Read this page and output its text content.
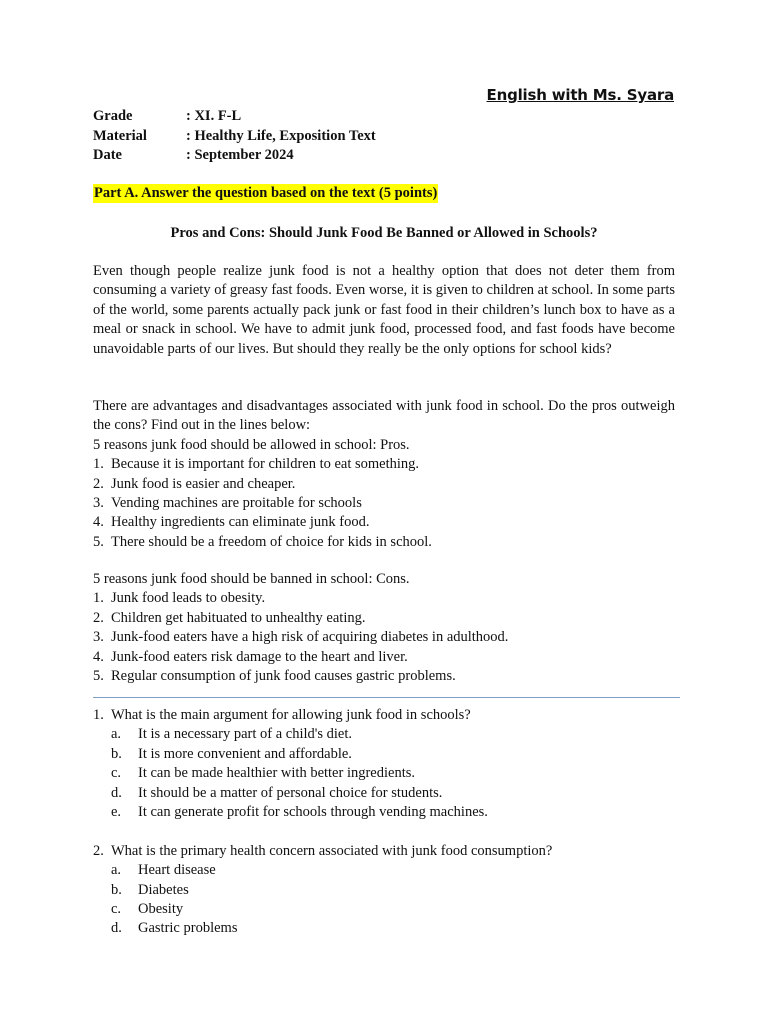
English with Ms. Syara
Grade	: XI. F-L
Material	: Healthy Life, Exposition Text
Date	: September 2024
Part A. Answer the question based on the text (5 points)
Pros and Cons: Should Junk Food Be Banned or Allowed in Schools?

Even though people realize junk food is not a healthy option that does not deter them from consuming a variety of greasy fast foods. Even worse, it is given to children at school. In some parts of the world, some parents actually pack junk or fast food in their children’s lunch box to have as a meal or snack in school. We have to admit junk food, processed food, and fast foods have become unavoidable parts of our lives. But should they really be the only options for school kids?

There are advantages and disadvantages associated with junk food in school. Do the pros outweigh the cons? Find out in the lines below:

5 reasons junk food should be allowed in school: Pros.

1. Because it is important for children to eat something.
2. Junk food is easier and cheaper.
3. Vending machines are proitable for schools
4. Healthy ingredients can eliminate junk food.
5. There should be a freedom of choice for kids in school.

5 reasons junk food should be banned in school: Cons.

1. Junk food leads to obesity.
2. Children get habituated to unhealthy eating.
3. Junk-food eaters have a high risk of acquiring diabetes in adulthood.
4. Junk-food eaters risk damage to the heart and liver.
5. Regular consumption of junk food causes gastric problems.
1. What is the main argument for allowing junk food in schools?
a.	It is a necessary part of a child's diet.
b.	It is more convenient and affordable.
c.	It can be made healthier with better ingredients.
d.	It should be a matter of personal choice for students.
e.	It can generate profit for schools through vending machines.
2. What is the primary health concern associated with junk food consumption?
a.	Heart disease
b.	Diabetes
c.	Obesity
d.	Gastric problems
